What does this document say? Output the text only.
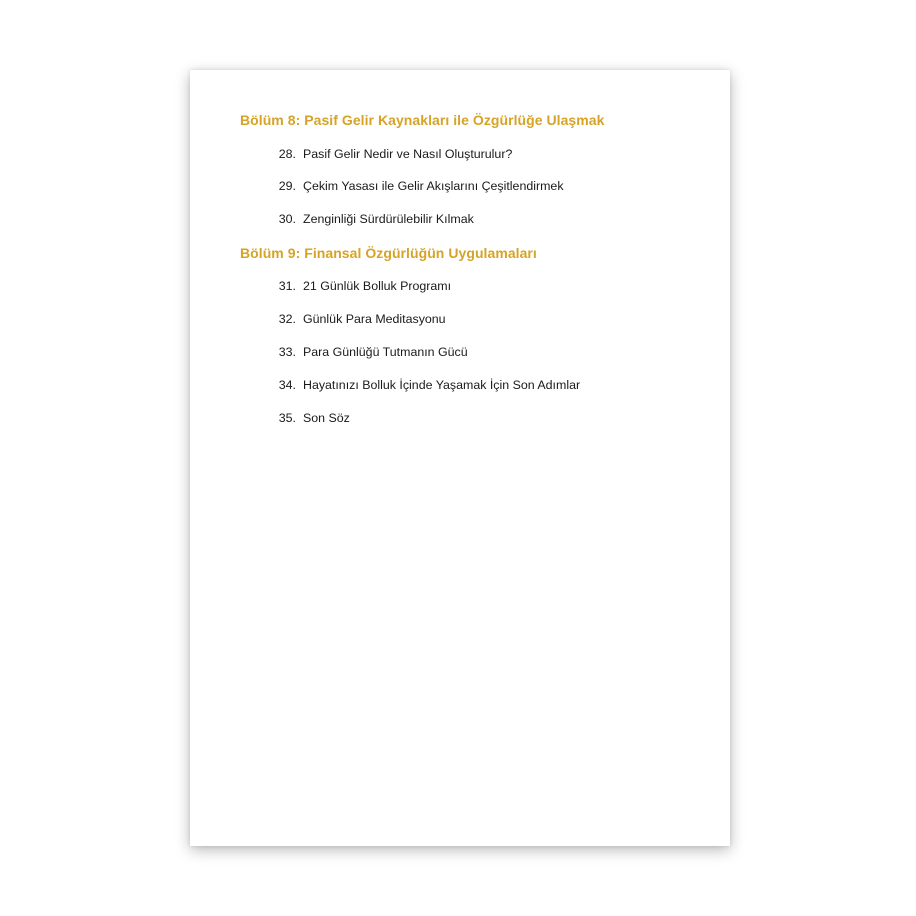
Bölüm 8: Pasif Gelir Kaynakları ile Özgürlüğe Ulaşmak
28. Pasif Gelir Nedir ve Nasıl Oluşturulur?
29. Çekim Yasası ile Gelir Akışlarını Çeşitlendirmek
30. Zenginliği Sürdürülebilir Kılmak
Bölüm 9: Finansal Özgürlüğün Uygulamaları
31. 21 Günlük Bolluk Programı
32. Günlük Para Meditasyonu
33. Para Günlüğü Tutmanın Gücü
34. Hayatınızı Bolluk İçinde Yaşamak İçin Son Adımlar
35. Son Söz
